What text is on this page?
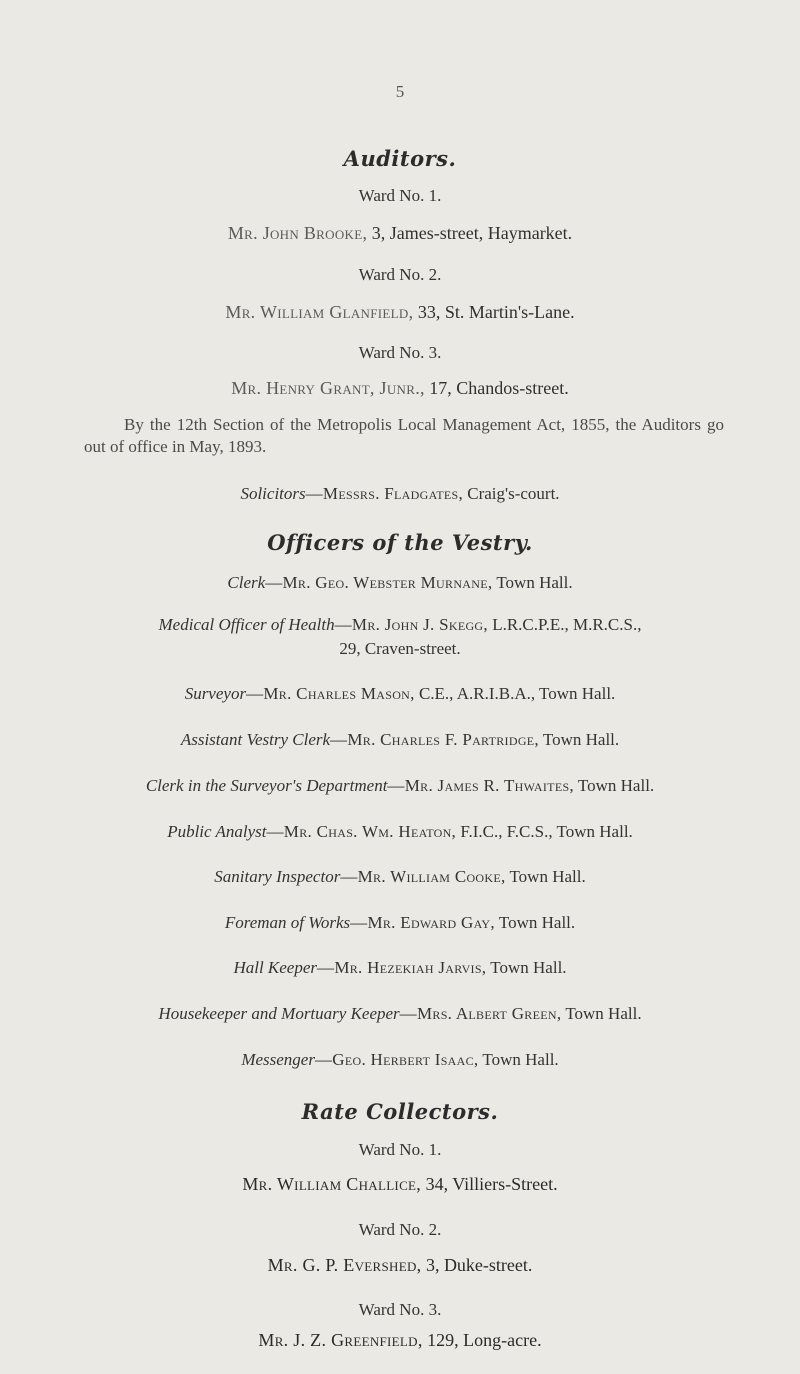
5
Auditors.
Ward No. 1.
Mr. John Brooke, 3, James-street, Haymarket.
Ward No. 2.
Mr. William Glanfield, 33, St. Martin's-Lane.
Ward No. 3.
Mr. Henry Grant, Junr., 17, Chandos-street.
By the 12th Section of the Metropolis Local Management Act, 1855, the Auditors go out of office in May, 1893.
Solicitors—Messrs. Fladgates, Craig's-court.
Officers of the Vestry.
Clerk—Mr. Geo. Webster Murnane, Town Hall.
Medical Officer of Health—Mr. John J. Skegg, L.R.C.P.E., M.R.C.S.,
29, Craven-street.
Surveyor—Mr. Charles Mason, C.E., A.R.I.B.A., Town Hall.
Assistant Vestry Clerk—Mr. Charles F. Partridge, Town Hall.
Clerk in the Surveyor's Department—Mr. James R. Thwaites, Town Hall.
Public Analyst—Mr. Chas. Wm. Heaton, F.I.C., F.C.S., Town Hall.
Sanitary Inspector—Mr. William Cooke, Town Hall.
Foreman of Works—Mr. Edward Gay, Town Hall.
Hall Keeper—Mr. Hezekiah Jarvis, Town Hall.
Housekeeper and Mortuary Keeper—Mrs. Albert Green, Town Hall.
Messenger—Geo. Herbert Isaac, Town Hall.
Rate Collectors.
Ward No. 1.
Mr. William Challice, 34, Villiers-Street.
Ward No. 2.
Mr. G. P. Evershed, 3, Duke-street.
Ward No. 3.
Mr. J. Z. Greenfield, 129, Long-acre.
